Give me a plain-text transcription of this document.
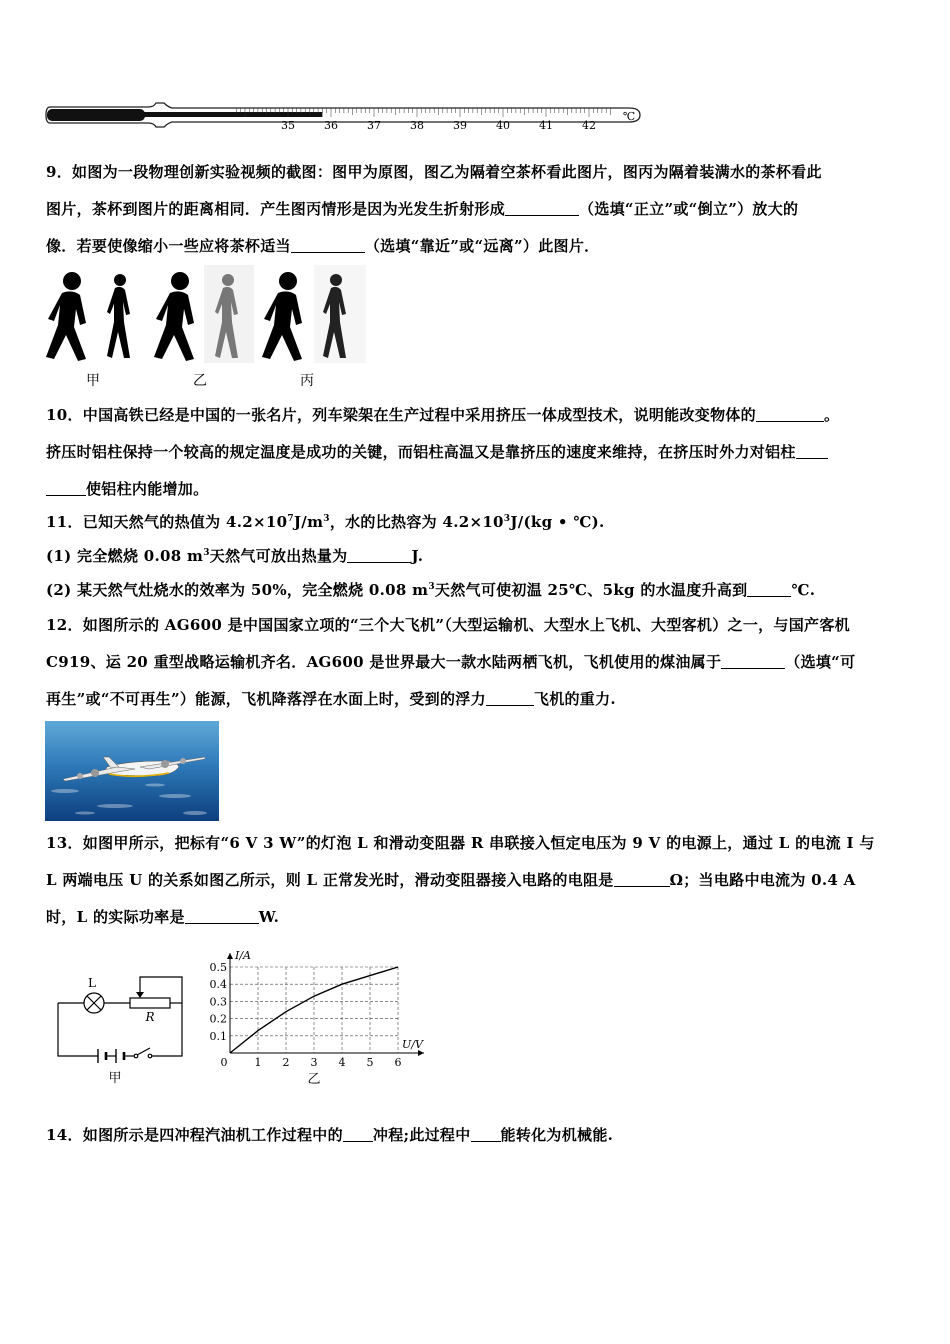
35	36	37	38	39	40	41	42
℃
9．如图为一段物理创新实验视频的截图：图甲为原图，图乙为隔着空茶杯看此图片，图丙为隔着装满水的茶杯看此
图片，茶杯到图片的距离相同．产生图丙情形是因为光发生折射形成	（选填“正立”或“倒立”）放大的
像．若要使像缩小一些应将茶杯适当	（选填“靠近”或“远离”）此图片．
甲	乙	丙
10．中国高铁已经是中国的一张名片，列车梁架在生产过程中采用挤压一体成型技术，说明能改变物体的	。
挤压时铝柱保持一个较高的规定温度是成功的关键，而铝柱高温又是靠挤压的速度来维持，在挤压时外力对铝柱
使铝柱内能增加。
11．已知天然气的热值为 $4.2\times 10^7J/m^3$，水的比热容为 $4.2\times 10^3J/(kg$ • ℃).
(1) 完全燃烧 0.08 $m^3$天然气可放出热量为	J.
(2) 某天然气灶烧水的效率为 50%，完全燃烧 0.08 $m^3$天然气可使初温 25℃、5kg 的水温度升高到	℃.
12．如图所示的 AG600 是中国国家立项的“三个大飞机”（大型运输机、大型水上飞机、大型客机）之一，与国产客机
C919、运 20 重型战略运输机齐名．AG600 是世界最大一款水陆两栖飞机，飞机使用的煤油属于	（选填“可
再生”或“不可再生”）能源，飞机降落浮在水面上时，受到的浮力	飞机的重力.
13．如图甲所示，把标有“6 V 3 W”的灯泡 L 和滑动变阻器 R 串联接入恒定电压为 9 V 的电源上，通过 L 的电流 I 与
L 两端电压 U 的关系如图乙所示，则 L 正常发光时，滑动变阻器接入电路的电阻是	Ω；当电路中电流为 0.4 A
时，L 的实际功率是	W.
L
R
甲
0 1 2 3 4 5 6
0.1
0.2
0.3
0.4
0.5
I/A
U/V
乙
14．如图所示是四冲程汽油机工作过程中的 冲程;此过程中 能转化为机械能.
